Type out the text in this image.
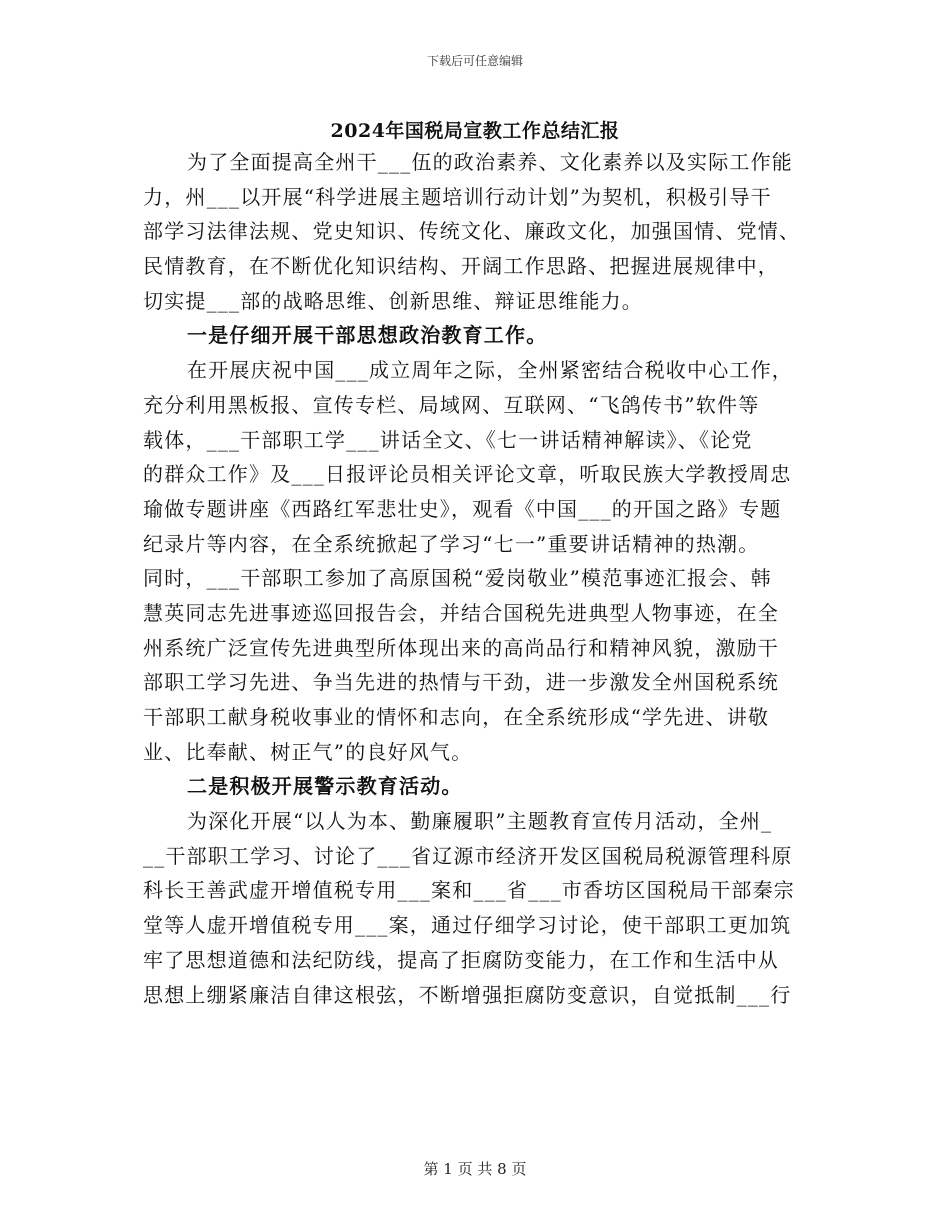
下载后可任意编辑
2024年国税局宣教工作总结汇报
为了全面提高全州干___伍的政治素养、文化素养以及实际工作能
力，州___以开展“科学进展主题培训行动计划”为契机，积极引导干
部学习法律法规、党史知识、传统文化、廉政文化，加强国情、党情、
民情教育，在不断优化知识结构、开阔工作思路、把握进展规律中，
切实提___部的战略思维、创新思维、辩证思维能力。
一是仔细开展干部思想政治教育工作。
在开展庆祝中国___成立周年之际，全州紧密结合税收中心工作，
充分利用黑板报、宣传专栏、局域网、互联网、“飞鸽传书”软件等
载体，___干部职工学___讲话全文、《七一讲话精神解读》、《论党
的群众工作》及___日报评论员相关评论文章，听取民族大学教授周忠
瑜做专题讲座《西路红军悲壮史》，观看《中国___的开国之路》专题
纪录片等内容，在全系统掀起了学习“七一”重要讲话精神的热潮。
同时，___干部职工参加了高原国税“爱岗敬业”模范事迹汇报会、韩
慧英同志先进事迹巡回报告会，并结合国税先进典型人物事迹，在全
州系统广泛宣传先进典型所体现出来的高尚品行和精神风貌，激励干
部职工学习先进、争当先进的热情与干劲，进一步激发全州国税系统
干部职工献身税收事业的情怀和志向，在全系统形成“学先进、讲敬
业、比奉献、树正气”的良好风气。
二是积极开展警示教育活动。
为深化开展“以人为本、勤廉履职”主题教育宣传月活动，全州_
__干部职工学习、讨论了___省辽源市经济开发区国税局税源管理科原
科长王善武虚开增值税专用___案和___省___市香坊区国税局干部秦宗
堂等人虚开增值税专用___案，通过仔细学习讨论，使干部职工更加筑
牢了思想道德和法纪防线，提高了拒腐防变能力，在工作和生活中从
思想上绷紧廉洁自律这根弦，不断增强拒腐防变意识，自觉抵制___行
第 1 页 共 8 页
